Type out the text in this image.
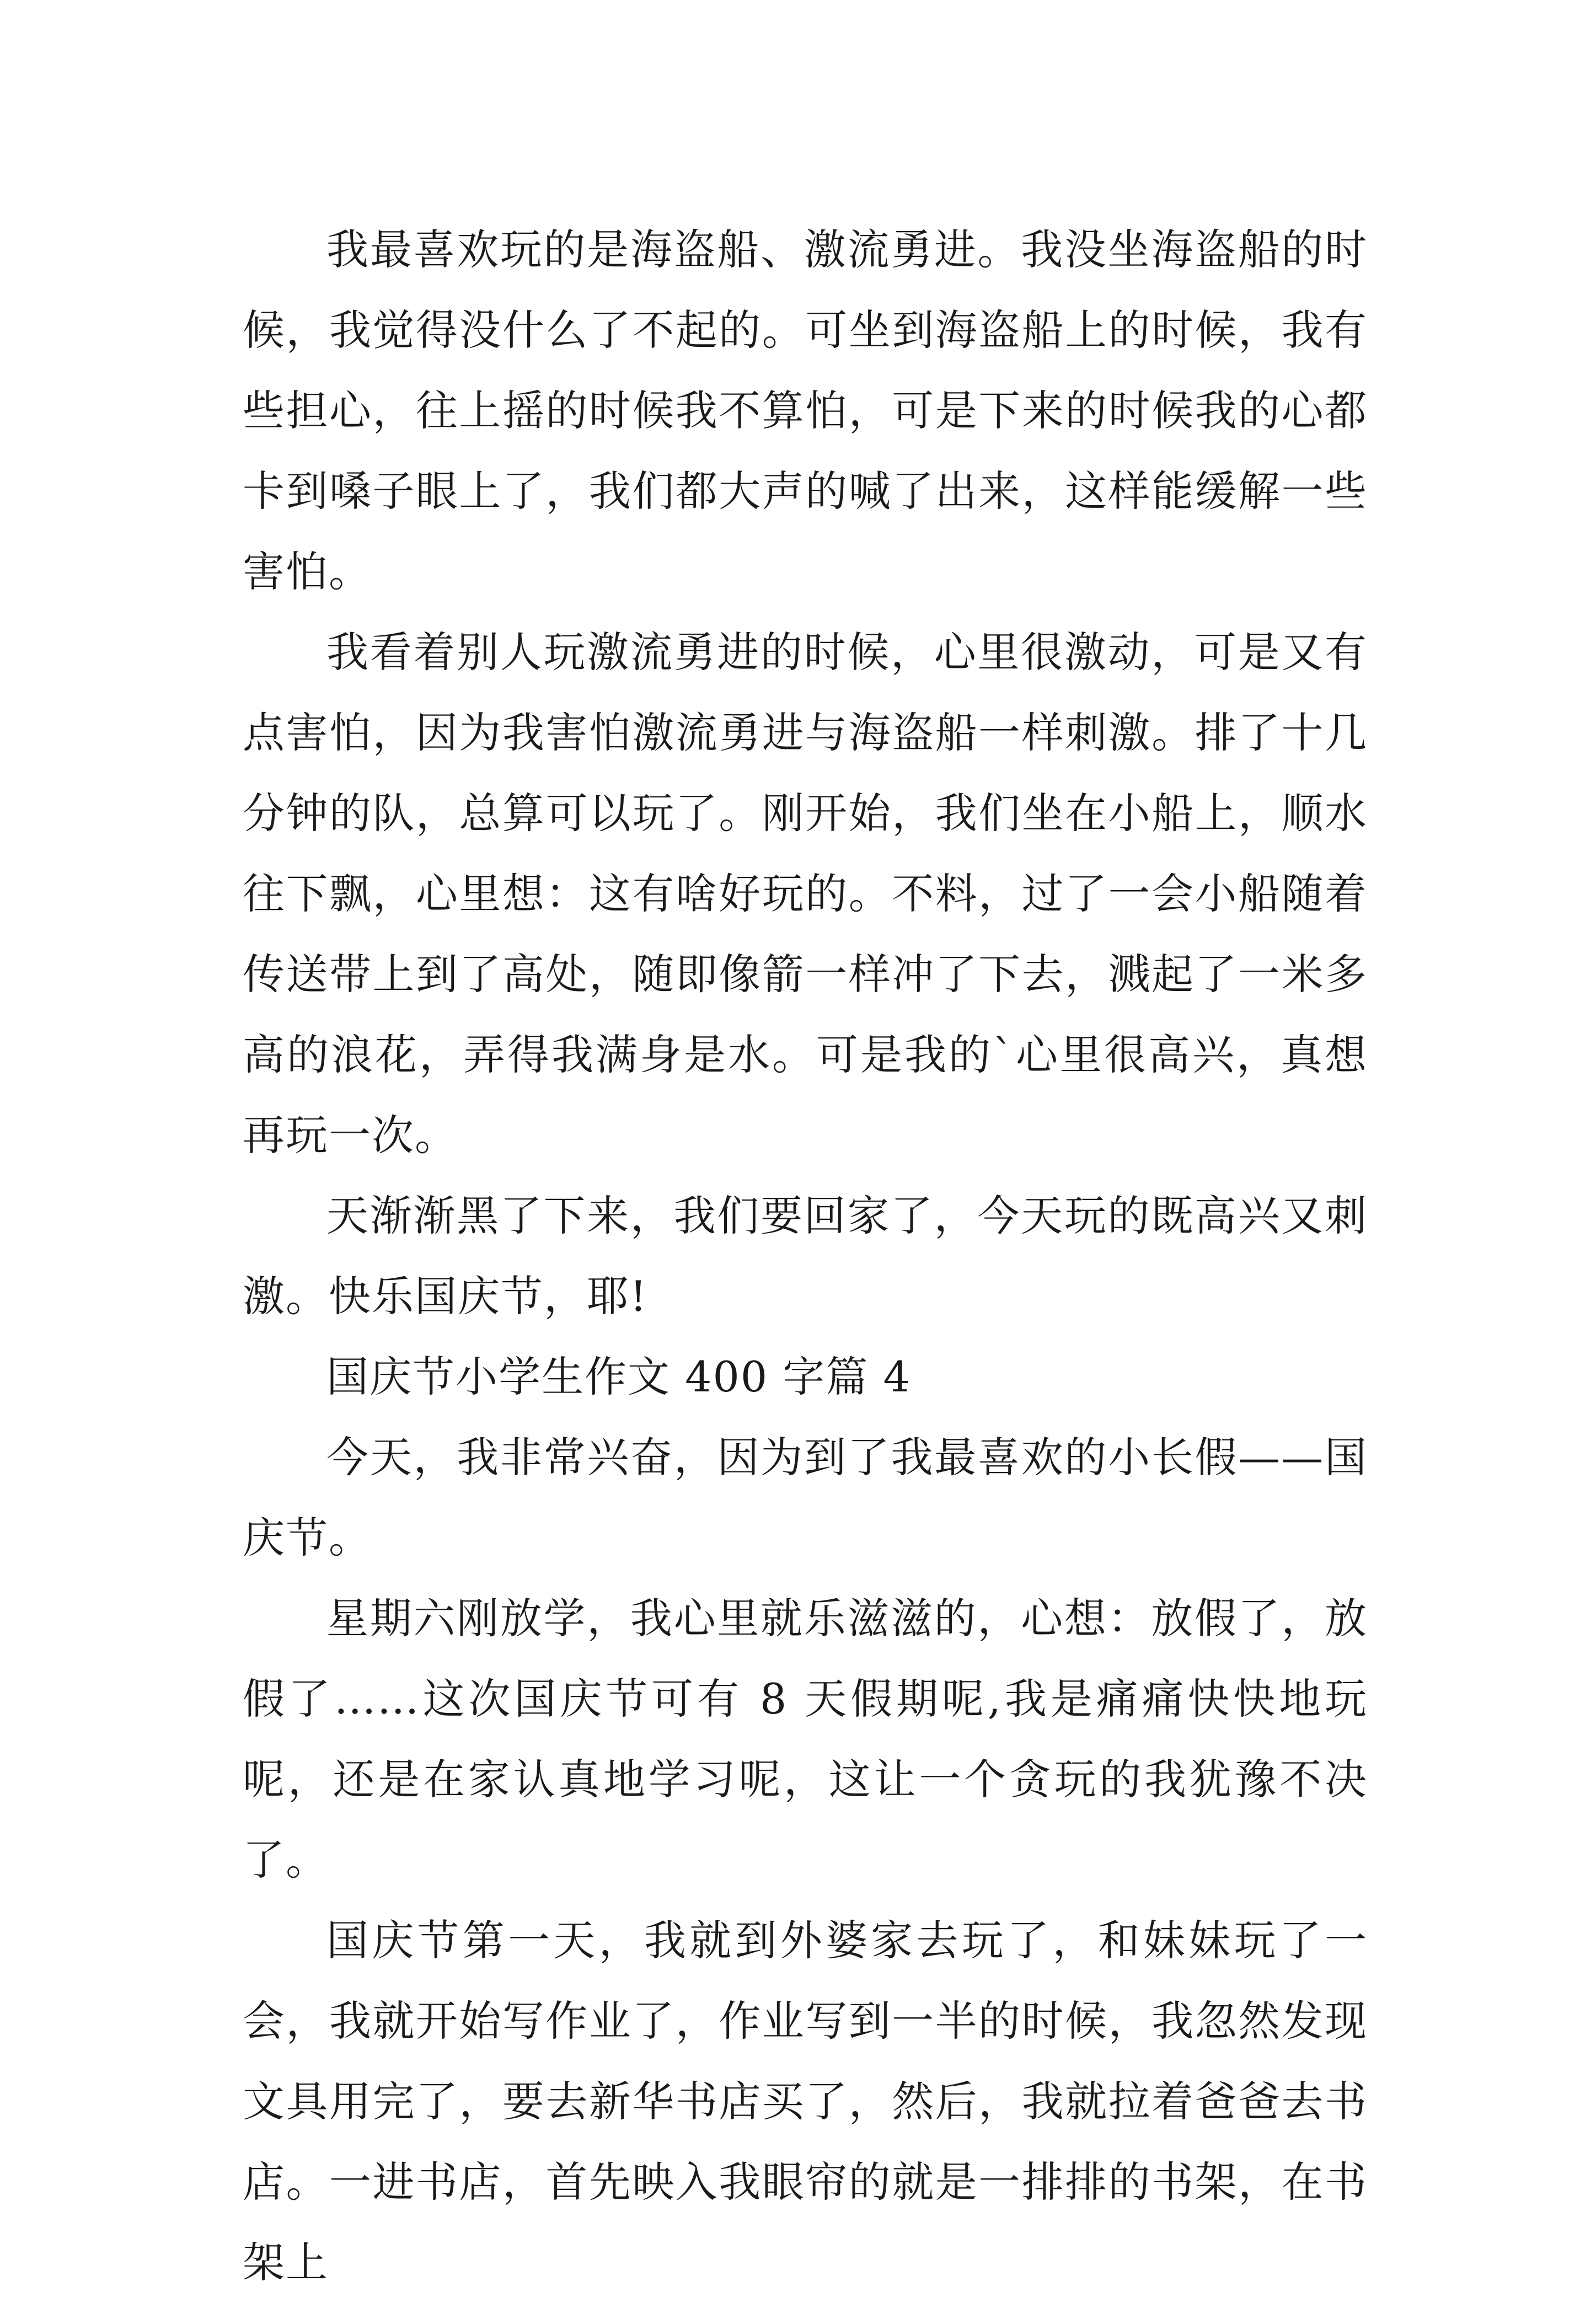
我最喜欢玩的是海盗船、激流勇进。我没坐海盗船的时候，我觉得没什么了不起的。可坐到海盗船上的时候，我有些担心，往上摇的时候我不算怕，可是下来的时候我的心都卡到嗓子眼上了，我们都大声的喊了出来，这样能缓解一些害怕。

我看着别人玩激流勇进的时候，心里很激动，可是又有点害怕，因为我害怕激流勇进与海盗船一样刺激。排了十几分钟的队，总算可以玩了。刚开始，我们坐在小船上，顺水往下飘，心里想：这有啥好玩的。不料，过了一会小船随着传送带上到了高处，随即像箭一样冲了下去，溅起了一米多高的浪花，弄得我满身是水。可是我的`心里很高兴，真想再玩一次。

天渐渐黑了下来，我们要回家了，今天玩的既高兴又刺激。快乐国庆节，耶!

国庆节小学生作文 400 字篇 4

今天，我非常兴奋，因为到了我最喜欢的小长假——国庆节。

星期六刚放学，我心里就乐滋滋的，心想：放假了，放假了……这次国庆节可有 8 天假期呢,我是痛痛快快地玩呢，还是在家认真地学习呢，这让一个贪玩的我犹豫不决了。

国庆节第一天，我就到外婆家去玩了，和妹妹玩了一会，我就开始写作业了，作业写到一半的时候，我忽然发现文具用完了，要去新华书店买了，然后，我就拉着爸爸去书店。一进书店，首先映入我眼帘的就是一排排的书架，在书架上
